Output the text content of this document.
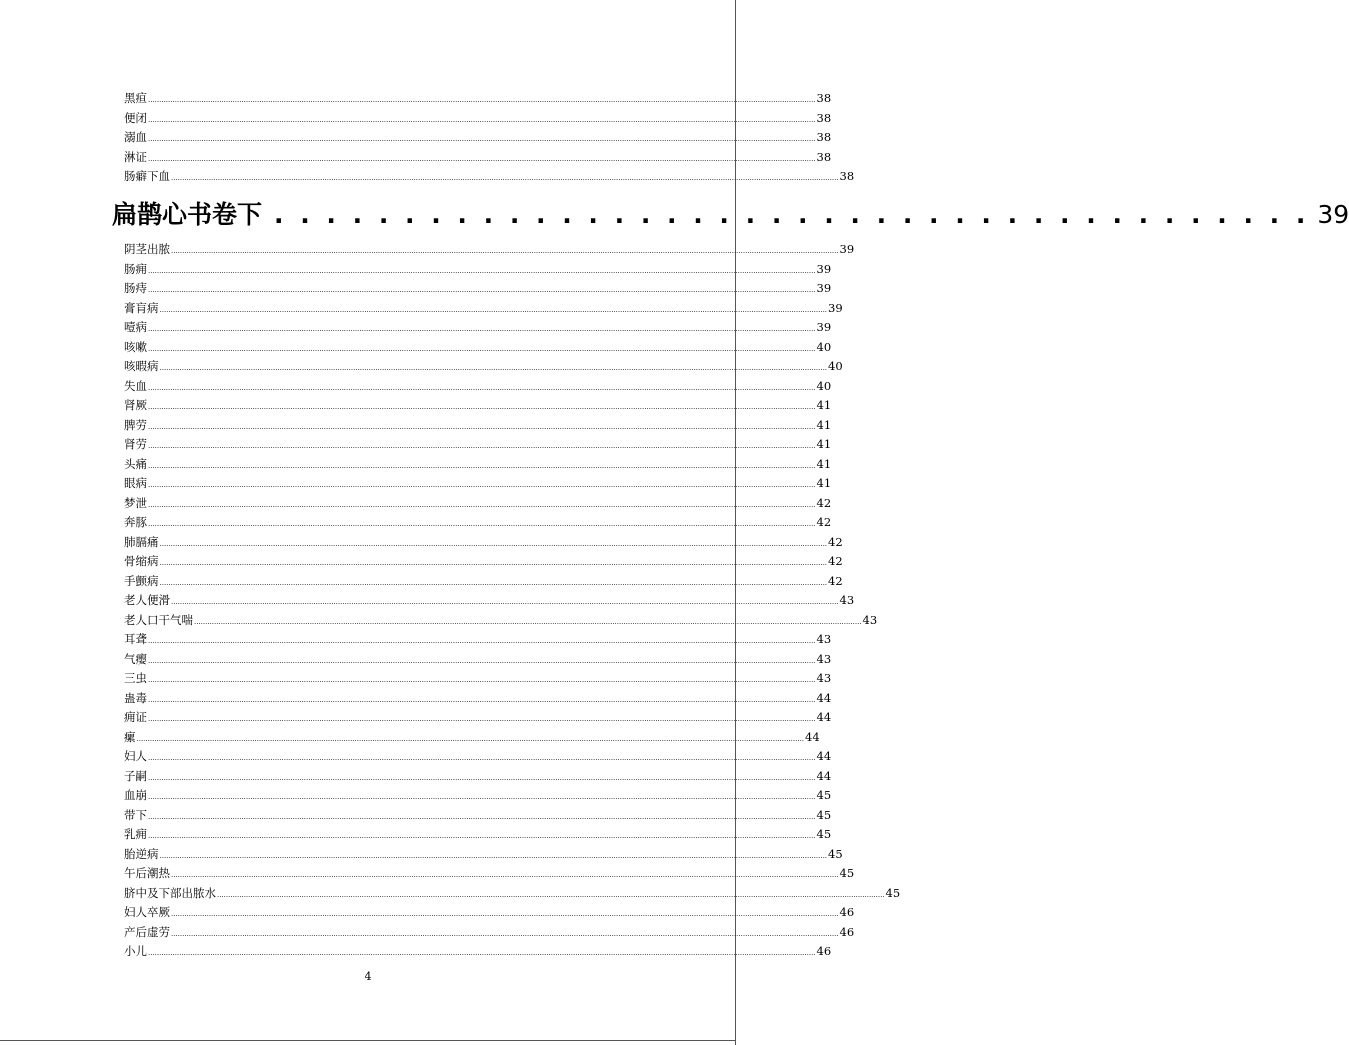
黑疸 ............................................................................................................................................................................................................................................................................................................ 38
便闭 ............................................................................................................................................................................................................................................................................................................ 38
溺血 ............................................................................................................................................................................................................................................................................................................ 38
淋证 ............................................................................................................................................................................................................................................................................................................ 38
肠癖下血 ............................................................................................................................................................................................................................................................................................................ 38
扁鹊心书卷下 . . . . . . . . . . . . . . . . . . . . . . . . . . . . . . . . . . . . . . . . 39
阴茎出脓 ............................................................................................................................................................................................................................................................................................................ 39
肠痈 ............................................................................................................................................................................................................................................................................................................ 39
肠痔 ............................................................................................................................................................................................................................................................................................................ 39
膏肓病 ............................................................................................................................................................................................................................................................................................................ 39
噎病 ............................................................................................................................................................................................................................................................................................................ 39
咳嗽 ............................................................................................................................................................................................................................................................................................................ 40
咳暇病 ............................................................................................................................................................................................................................................................................................................ 40
失血 ............................................................................................................................................................................................................................................................................................................ 40
肾厥 ............................................................................................................................................................................................................................................................................................................ 41
脾劳 ............................................................................................................................................................................................................................................................................................................ 41
肾劳 ............................................................................................................................................................................................................................................................................................................ 41
头痛 ............................................................................................................................................................................................................................................................................................................ 41
眼病 ............................................................................................................................................................................................................................................................................................................ 41
梦泄 ............................................................................................................................................................................................................................................................................................................ 42
奔豚 ............................................................................................................................................................................................................................................................................................................ 42
肺膈痛 ............................................................................................................................................................................................................................................................................................................ 42
骨缩病 ............................................................................................................................................................................................................................................................................................................ 42
手颤病 ............................................................................................................................................................................................................................................................................................................ 42
老人便滑 ............................................................................................................................................................................................................................................................................................................ 43
老人口干气喘 ............................................................................................................................................................................................................................................................................................................ 43
耳聋 ............................................................................................................................................................................................................................................................................................................ 43
气瘿 ............................................................................................................................................................................................................................................................................................................ 43
三虫 ............................................................................................................................................................................................................................................................................................................ 43
蛊毒 ............................................................................................................................................................................................................................................................................................................ 44
痈证 ............................................................................................................................................................................................................................................................................................................ 44
瘰 ............................................................................................................................................................................................................................................................................................................ 44
妇人 ............................................................................................................................................................................................................................................................................................................ 44
子嗣 ............................................................................................................................................................................................................................................................................................................ 44
血崩 ............................................................................................................................................................................................................................................................................................................ 45
带下 ............................................................................................................................................................................................................................................................................................................ 45
乳痈 ............................................................................................................................................................................................................................................................................................................ 45
胎逆病 ............................................................................................................................................................................................................................................................................................................ 45
午后潮热 ............................................................................................................................................................................................................................................................................................................ 45
脐中及下部出脓水 ............................................................................................................................................................................................................................................................................................................ 45
妇人卒厥 ............................................................................................................................................................................................................................................................................................................ 46
产后虚劳 ............................................................................................................................................................................................................................................................................................................ 46
小儿 ............................................................................................................................................................................................................................................................................................................ 46
4
